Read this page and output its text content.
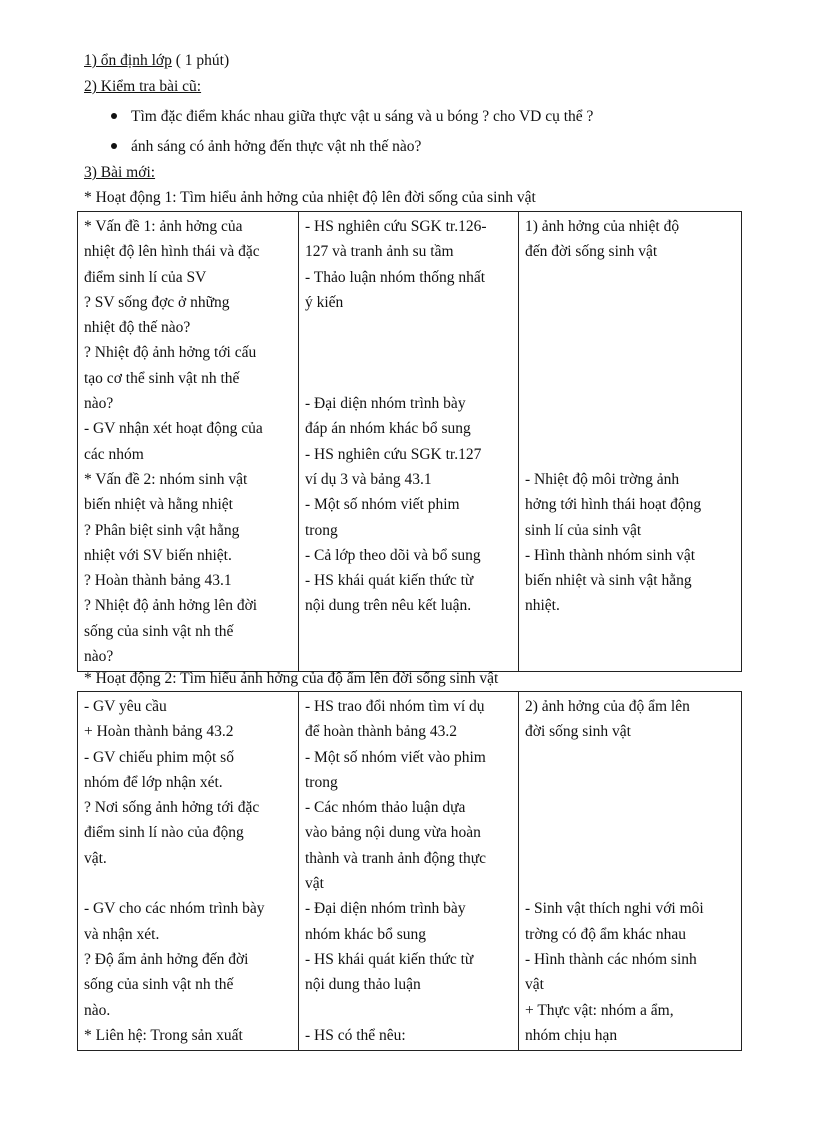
1) ổn định lớp ( 1 phút)
2) Kiểm tra bài cũ:
Tìm đặc điểm khác nhau giữa thực vật u sáng và u bóng ? cho VD cụ thể ?
ánh sáng có ảnh hởng đến thực vật nh thế nào?
3) Bài mới:
* Hoạt động 1: Tìm hiểu ảnh hởng của nhiệt độ lên đời sống của sinh vật
* Vấn đề 1: ảnh hởng của
nhiệt độ lên hình thái và đặc
điểm sinh lí của SV
? SV sống đợc ở những
nhiệt độ thế nào?
? Nhiệt độ ảnh hởng tới cấu
tạo cơ thể sinh vật nh thế
nào?
- GV nhận xét hoạt động của
các nhóm
* Vấn đề 2: nhóm sinh vật
biến nhiệt và hằng nhiệt
? Phân biệt sinh vật hằng
nhiệt với SV biến nhiệt.
? Hoàn thành bảng 43.1
? Nhiệt độ ảnh hởng lên đời
sống của sinh vật nh thế
nào?

- HS nghiên cứu SGK tr.126-
127 và tranh ảnh su tầm
- Thảo luận nhóm thống nhất
ý kiến
- Đại diện nhóm trình bày
đáp án nhóm khác bổ sung
- HS nghiên cứu SGK tr.127
ví dụ 3 và bảng 43.1
- Một số nhóm viết phim
trong
- Cả lớp theo dõi và bổ sung
- HS khái quát kiến thức từ
nội dung trên nêu kết luận.

1) ảnh hởng của nhiệt độ
đến đời sống sinh vật
- Nhiệt độ môi trờng ảnh
hởng tới hình thái hoạt động
sinh lí của sinh vật
- Hình thành nhóm sinh vật
biến nhiệt và sinh vật hằng
nhiệt.
* Hoạt động 2: Tìm hiểu ảnh hởng của độ ẩm lên đời sống sinh vật
- GV yêu cầu
+ Hoàn thành bảng 43.2
- GV chiếu phim một số
nhóm để lớp nhận xét.
? Nơi sống ảnh hởng tới đặc
điểm sinh lí nào của động
vật.
- GV cho các nhóm trình bày
và nhận xét.
? Độ ẩm ảnh hởng đến đời
sống của sinh vật nh thế
nào.
* Liên hệ: Trong sản xuất

- HS trao đổi nhóm tìm ví dụ
để hoàn thành bảng 43.2
- Một số nhóm viết vào phim
trong
- Các nhóm thảo luận dựa
vào bảng nội dung vừa hoàn
thành và tranh ảnh động thực
vật
- Đại diện nhóm trình bày
nhóm khác bổ sung
- HS khái quát kiến thức từ
nội dung thảo luận
- HS có thể nêu:

2) ảnh hởng của độ ẩm lên
đời sống sinh vật
- Sinh vật thích nghi với môi
trờng có độ ẩm khác nhau
- Hình thành các nhóm sinh
vật
+ Thực vật: nhóm a ẩm,
nhóm chịu hạn
